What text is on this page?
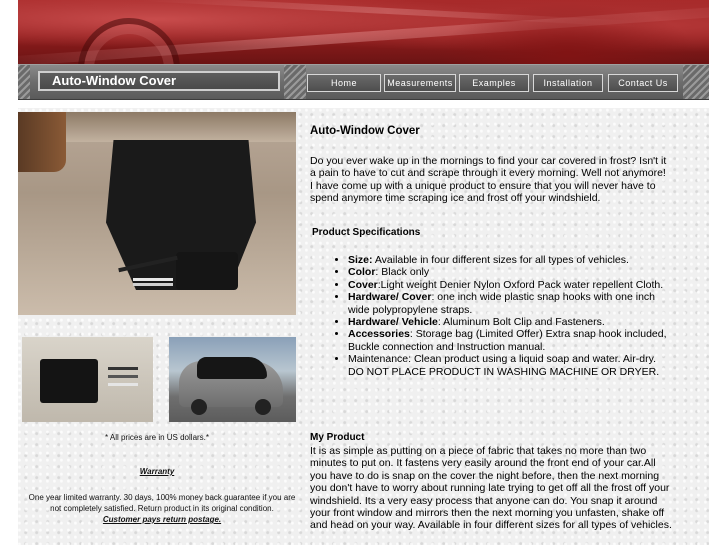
Auto-Window Cover	Home	Measurements	Examples	Installation	Contact Us
* All prices are in US dollars.*
Warranty
One year limited warranty. 30 days, 100% money back guarantee if you are not completely satisfied. Return product in its original condition.
Customer pays return postage.
Auto-Window Cover
Do you ever wake up in the mornings to find your car covered in frost? Isn't it a pain to have to cut and scrape through it every morning. Well not anymore! I have come up with a unique product to ensure that you will never have to spend anymore time scraping ice and frost off your windshield.
Product Specifications
• Size: Available in four different sizes for all types of vehicles.
• Color: Black only
• Cover:Light weight Denier Nylon Oxford Pack water repellent Cloth.
• Hardware/ Cover: one inch wide plastic snap hooks with one inch wide polypropylene straps.
• Hardware/ Vehicle: Aluminum Bolt Clip and Fasteners.
• Accessories: Storage bag (Limited Offer) Extra snap hook included, Buckle connection and Instruction manual.
• Maintenance: Clean product using a liquid soap and water. Air-dry. DO NOT PLACE PRODUCT IN WASHING MACHINE OR DRYER.
My Product
It is as simple as putting on a piece of fabric that takes no more than two minutes to put on. It fastens very easily around the front end of your car.All you have to do is snap on the cover the night before, then the next morning you don't have to worry about running late trying to get off all the frost off your windshield. Its a very easy process that anyone can do. You snap it around your front window and mirrors then the next morning you unfasten, shake off and head on your way. Available in four different sizes for all types of vehicles.
